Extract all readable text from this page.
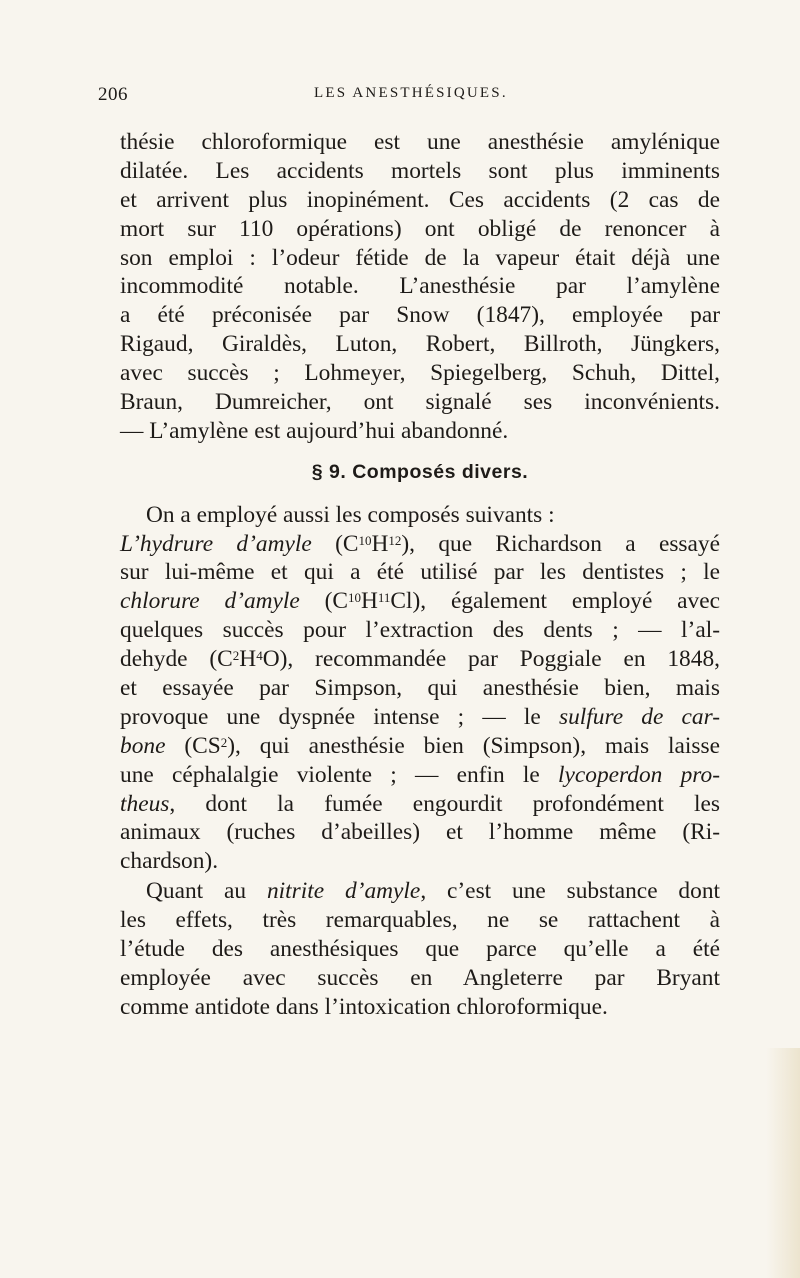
206	LES ANESTHÉSIQUES.
thésie chloroformique est une anesthésie amylénique
dilatée. Les accidents mortels sont plus imminents
et arrivent plus inopinément. Ces accidents (2 cas de
mort sur 110 opérations) ont obligé de renoncer à
son emploi : l’odeur fétide de la vapeur était déjà une
incommodité notable. L’anesthésie par l’amylène
a été préconisée par Snow (1847), employée par
Rigaud, Giraldès, Luton, Robert, Billroth, Jüngkers,
avec succès ; Lohmeyer, Spiegelberg, Schuh, Dittel,
Braun, Dumreicher, ont signalé ses inconvénients.
— L’amylène est aujourd’hui abandonné.
§ 9. Composés divers.
On a employé aussi les composés suivants :
L’hydrure d’amyle $(C^{10}H^{12})$, que Richardson a essayé
sur lui-même et qui a été utilisé par les dentistes ; le
chlorure d’amyle $(C^{10}H^{11}Cl)$, également employé avec
quelques succès pour l’extraction des dents ; — l’al-
dehyde $(C^2H^4O)$, recommandée par Poggiale en 1848,
et essayée par Simpson, qui anesthésie bien, mais
provoque une dyspnée intense ; — le sulfure de car-
bone $(CS^2)$, qui anesthésie bien (Simpson), mais laisse
une céphalalgie violente ; — enfin le lycoperdon pro-
theus, dont la fumée engourdit profondément les
animaux (ruches d’abeilles) et l’homme même (Ri-
chardson).
Quant au nitrite d’amyle, c’est une substance dont
les effets, très remarquables, ne se rattachent à
l’étude des anesthésiques que parce qu’elle a été
employée avec succès en Angleterre par Bryant
comme antidote dans l’intoxication chloroformique.
